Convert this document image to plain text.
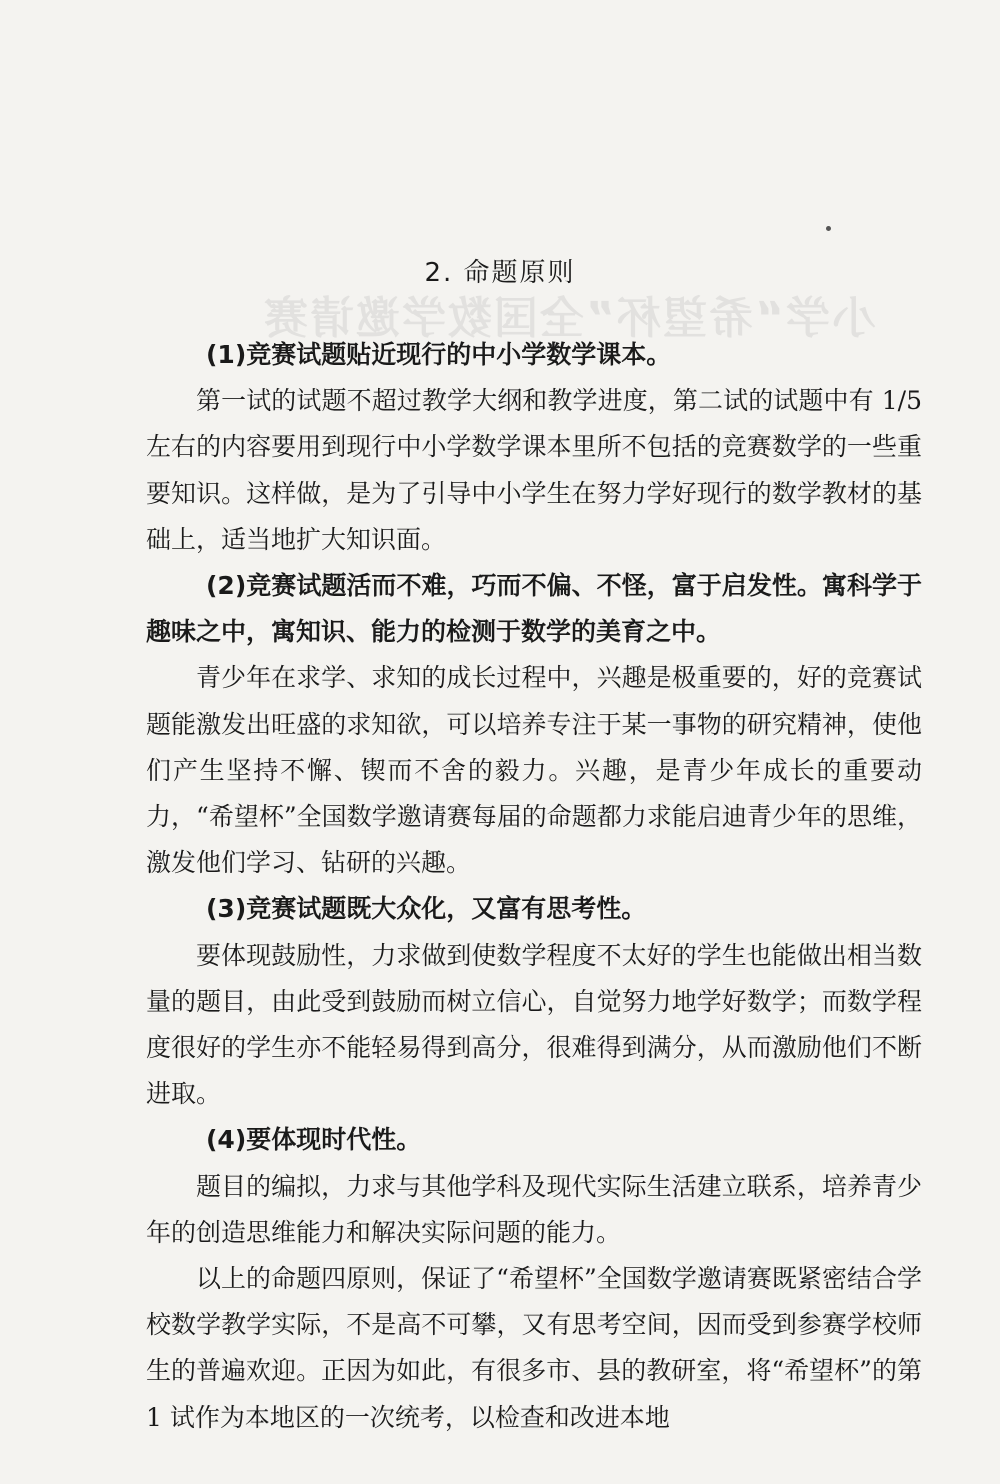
小学“希望杯”全国数学邀请赛
2. 命题原则

(1)竞赛试题贴近现行的中小学数学课本。

第一试的试题不超过教学大纲和教学进度，第二试的试题中有 1/5 左右的内容要用到现行中小学数学课本里所不包括的竞赛数学的一些重要知识。这样做，是为了引导中小学生在努力学好现行的数学教材的基础上，适当地扩大知识面。

(2)竞赛试题活而不难，巧而不偏、不怪，富于启发性。寓科学于趣味之中，寓知识、能力的检测于数学的美育之中。

青少年在求学、求知的成长过程中，兴趣是极重要的，好的竞赛试题能激发出旺盛的求知欲，可以培养专注于某一事物的研究精神，使他们产生坚持不懈、锲而不舍的毅力。兴趣，是青少年成长的重要动力，“希望杯”全国数学邀请赛每届的命题都力求能启迪青少年的思维，激发他们学习、钻研的兴趣。

(3)竞赛试题既大众化，又富有思考性。

要体现鼓励性，力求做到使数学程度不太好的学生也能做出相当数量的题目，由此受到鼓励而树立信心，自觉努力地学好数学；而数学程度很好的学生亦不能轻易得到高分，很难得到满分，从而激励他们不断进取。

(4)要体现时代性。

题目的编拟，力求与其他学科及现代实际生活建立联系，培养青少年的创造思维能力和解决实际问题的能力。

以上的命题四原则，保证了“希望杯”全国数学邀请赛既紧密结合学校数学教学实际，不是高不可攀，又有思考空间，因而受到参赛学校师生的普遍欢迎。正因为如此，有很多市、县的教研室，将“希望杯”的第 1 试作为本地区的一次统考，以检查和改进本地
